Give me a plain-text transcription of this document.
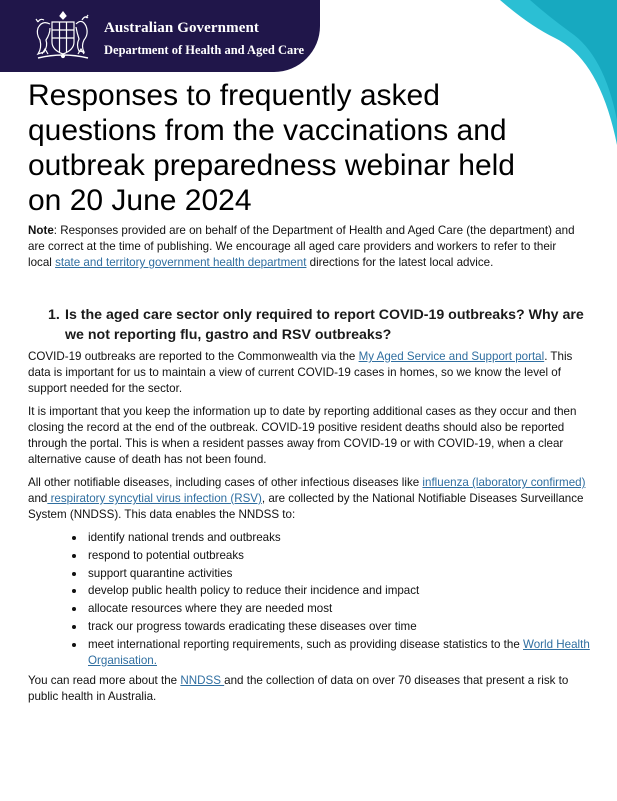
Australian Government
Department of Health and Aged Care
Responses to frequently asked questions from the vaccinations and outbreak preparedness webinar held on 20 June 2024

Note: Responses provided are on behalf of the Department of Health and Aged Care (the department) and are correct at the time of publishing. We encourage all aged care providers and workers to refer to their local state and territory government health department directions for the latest local advice.

1. Is the aged care sector only required to report COVID-19 outbreaks? Why are we not reporting flu, gastro and RSV outbreaks?

COVID-19 outbreaks are reported to the Commonwealth via the My Aged Service and Support portal. This data is important for us to maintain a view of current COVID-19 cases in homes, so we know the level of support needed for the sector.

It is important that you keep the information up to date by reporting additional cases as they occur and then closing the record at the end of the outbreak. COVID-19 positive resident deaths should also be reported through the portal. This is when a resident passes away from COVID-19 or with COVID-19, when a clear alternative cause of death has not been found.

All other notifiable diseases, including cases of other infectious diseases like influenza (laboratory confirmed) and respiratory syncytial virus infection (RSV), are collected by the National Notifiable Diseases Surveillance System (NNDSS). This data enables the NNDSS to:

identify national trends and outbreaks
respond to potential outbreaks
support quarantine activities
develop public health policy to reduce their incidence and impact
allocate resources where they are needed most
track our progress towards eradicating these diseases over time
meet international reporting requirements, such as providing disease statistics to the World Health Organisation.

You can read more about the NNDSS and the collection of data on over 70 diseases that present a risk to public health in Australia.
